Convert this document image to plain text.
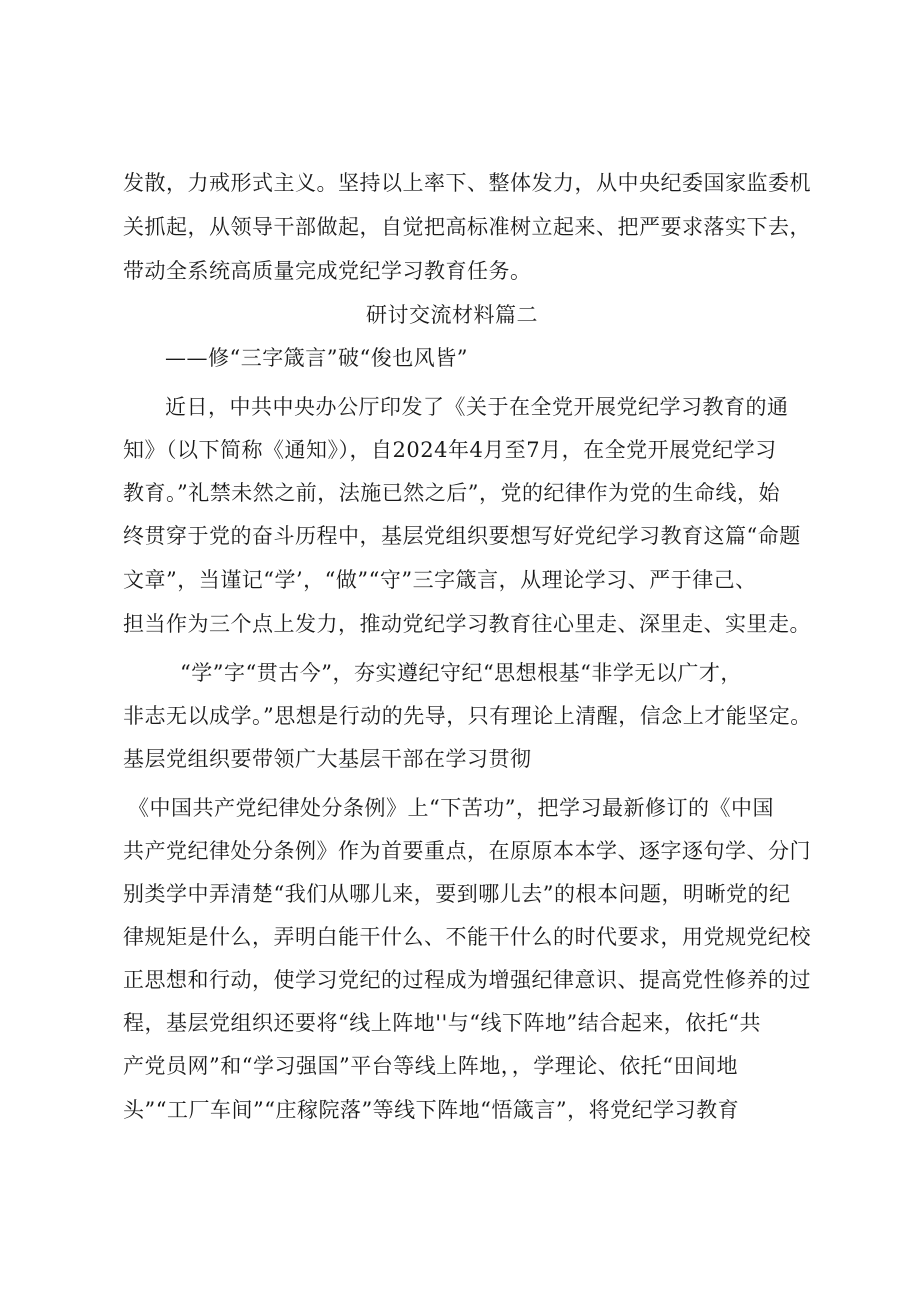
发散，力戒形式主义。坚持以上率下、整体发力，从中央纪委国家监委机
关抓起，从领导干部做起，自觉把高标准树立起来、把严要求落实下去，
带动全系统高质量完成党纪学习教育任务。
研讨交流材料篇二
——修“三字箴言”破“俊也风皆”
近日，中共中央办公厅印发了《关于在全党开展党纪学习教育的通
知》（以下简称《通知》），自2024年4月至7月，在全党开展党纪学习
教育。”礼禁未然之前，法施已然之后”，党的纪律作为党的生命线，始
终贯穿于党的奋斗历程中，基层党组织要想写好党纪学习教育这篇“命题
文章”，当谨记“学’，“做”“守”三字箴言，从理论学习、严于律己、
担当作为三个点上发力，推动党纪学习教育往心里走、深里走、实里走。
“学”字“贯古今”，夯实遵纪守纪“思想根基“非学无以广才，
非志无以成学。”思想是行动的先导，只有理论上清醒，信念上才能坚定。
基层党组织要带领广大基层干部在学习贯彻
《中国共产党纪律处分条例》上“下苦功”，把学习最新修订的《中国
共产党纪律处分条例》作为首要重点，在原原本本学、逐字逐句学、分门
别类学中弄清楚“我们从哪儿来，要到哪儿去”的根本问题，明晰党的纪
律规矩是什么，弄明白能干什么、不能干什么的时代要求，用党规党纪校
正思想和行动，使学习党纪的过程成为增强纪律意识、提高党性修养的过
程，基层党组织还要将“线上阵地''与“线下阵地”结合起来，依托“共
产党员网”和“学习强国”平台等线上阵地，，学理论、依托“田间地
头”“工厂车间”“庄稼院落”等线下阵地“悟箴言”，将党纪学习教育
